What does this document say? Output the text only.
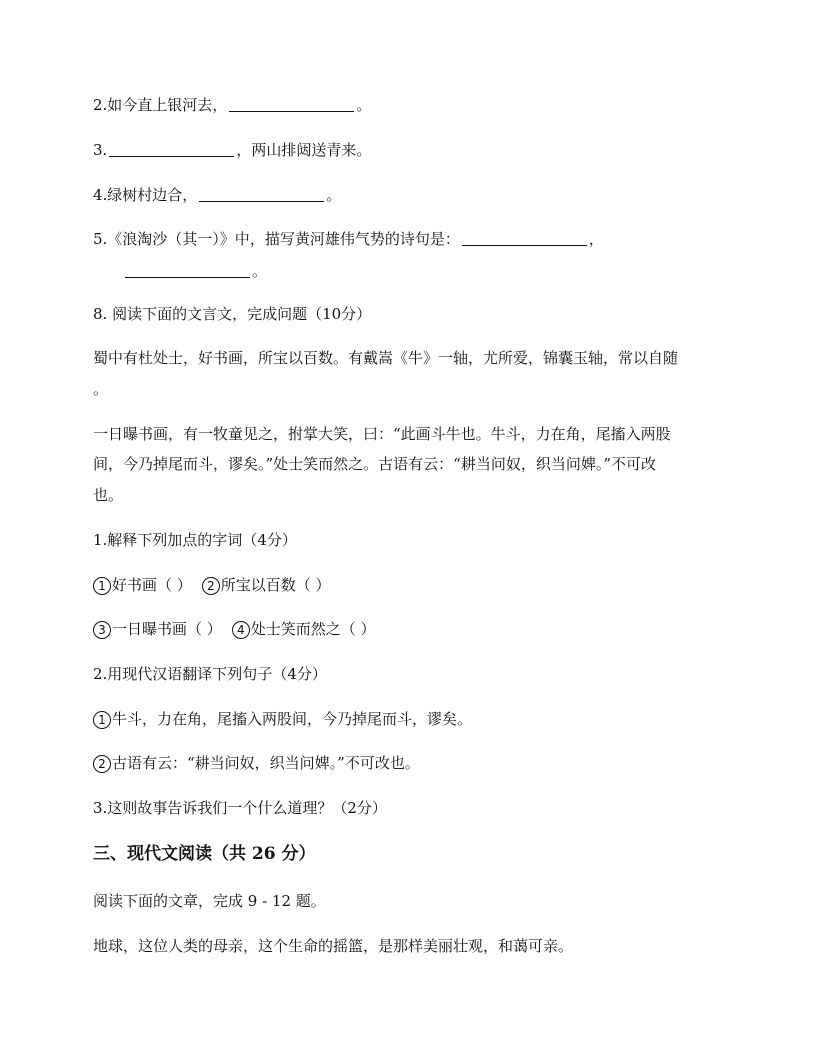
2.如今直上银河去，	。
3.	，两山排闼送青来。
4.绿树村边合，	。
5.《浪淘沙（其一）》中，描写黄河雄伟气势的诗句是：	，
。
8. 阅读下面的文言文，完成问题（10分）
蜀中有杜处士，好书画，所宝以百数。有戴嵩《牛》一轴，尤所爱，锦囊玉轴，常以自随
。
一日曝书画，有一牧童见之，拊掌大笑，曰：“此画斗牛也。牛斗，力在角，尾搐入两股
间，今乃掉尾而斗，谬矣。”处士笑而然之。古语有云：“耕当问奴，织当问婢。”不可改
也。
1.解释下列加点的字词（4分）
1 好书画（ ） 2 所宝以百数（ ）
3 一日曝书画（ ） 4 处士笑而然之（ ）
2.用现代汉语翻译下列句子（4分）
1 牛斗，力在角，尾搐入两股间，今乃掉尾而斗，谬矣。
2 古语有云：“耕当问奴，织当问婢。”不可改也。
3.这则故事告诉我们一个什么道理？（2分）
三、现代文阅读（共 26 分）
阅读下面的文章，完成 9 - 12 题。
地球，这位人类的母亲，这个生命的摇篮，是那样美丽壮观，和蔼可亲。
